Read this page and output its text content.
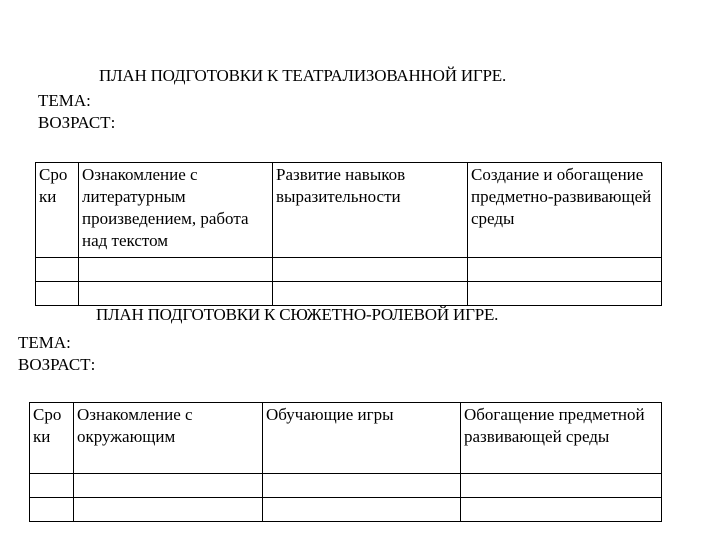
ПЛАН ПОДГОТОВКИ К ТЕАТРАЛИЗОВАННОЙ ИГРЕ.
ТЕМА:
ВОЗРАСТ:
Сро ки	Ознакомление с литературным произведением, работа над текстом	Развитие навыков выразительности	Создание и обогащение предметно-развивающей среды

ПЛАН ПОДГОТОВКИ К СЮЖЕТНО-РОЛЕВОЙ ИГРЕ.
ТЕМА:
ВОЗРАСТ:
Сро ки	Ознакомление с окружающим	Обучающие игры	Обогащение предметной развивающей среды
